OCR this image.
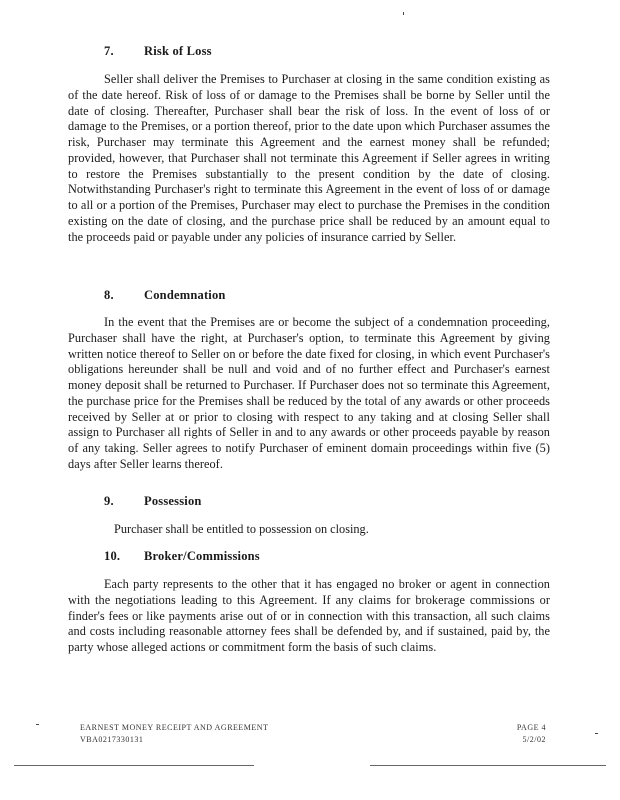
7. Risk of Loss

Seller shall deliver the Premises to Purchaser at closing in the same condition existing as of the date hereof. Risk of loss of or damage to the Premises shall be borne by Seller until the date of closing. Thereafter, Purchaser shall bear the risk of loss. In the event of loss of or damage to the Premises, or a portion thereof, prior to the date upon which Purchaser assumes the risk, Purchaser may terminate this Agreement and the earnest money shall be refunded; provided, however, that Purchaser shall not terminate this Agreement if Seller agrees in writing to restore the Premises substantially to the present condition by the date of closing. Notwithstanding Purchaser's right to terminate this Agreement in the event of loss of or damage to all or a portion of the Premises, Purchaser may elect to purchase the Premises in the condition existing on the date of closing, and the purchase price shall be reduced by an amount equal to the proceeds paid or payable under any policies of insurance carried by Seller.

8. Condemnation

In the event that the Premises are or become the subject of a condemnation proceeding, Purchaser shall have the right, at Purchaser's option, to terminate this Agreement by giving written notice thereof to Seller on or before the date fixed for closing, in which event Purchaser's obligations hereunder shall be null and void and of no further effect and Purchaser's earnest money deposit shall be returned to Purchaser. If Purchaser does not so terminate this Agreement, the purchase price for the Premises shall be reduced by the total of any awards or other proceeds received by Seller at or prior to closing with respect to any taking and at closing Seller shall assign to Purchaser all rights of Seller in and to any awards or other proceeds payable by reason of any taking. Seller agrees to notify Purchaser of eminent domain proceedings within five (5) days after Seller learns thereof.

9. Possession

Purchaser shall be entitled to possession on closing.

10. Broker/Commissions

Each party represents to the other that it has engaged no broker or agent in connection with the negotiations leading to this Agreement. If any claims for brokerage commissions or finder's fees or like payments arise out of or in connection with this transaction, all such claims and costs including reasonable attorney fees shall be defended by, and if sustained, paid by, the party whose alleged actions or commitment form the basis of such claims.

EARNEST MONEY RECEIPT AND AGREEMENT
VBA0217330131
PAGE 4
5/2/02
